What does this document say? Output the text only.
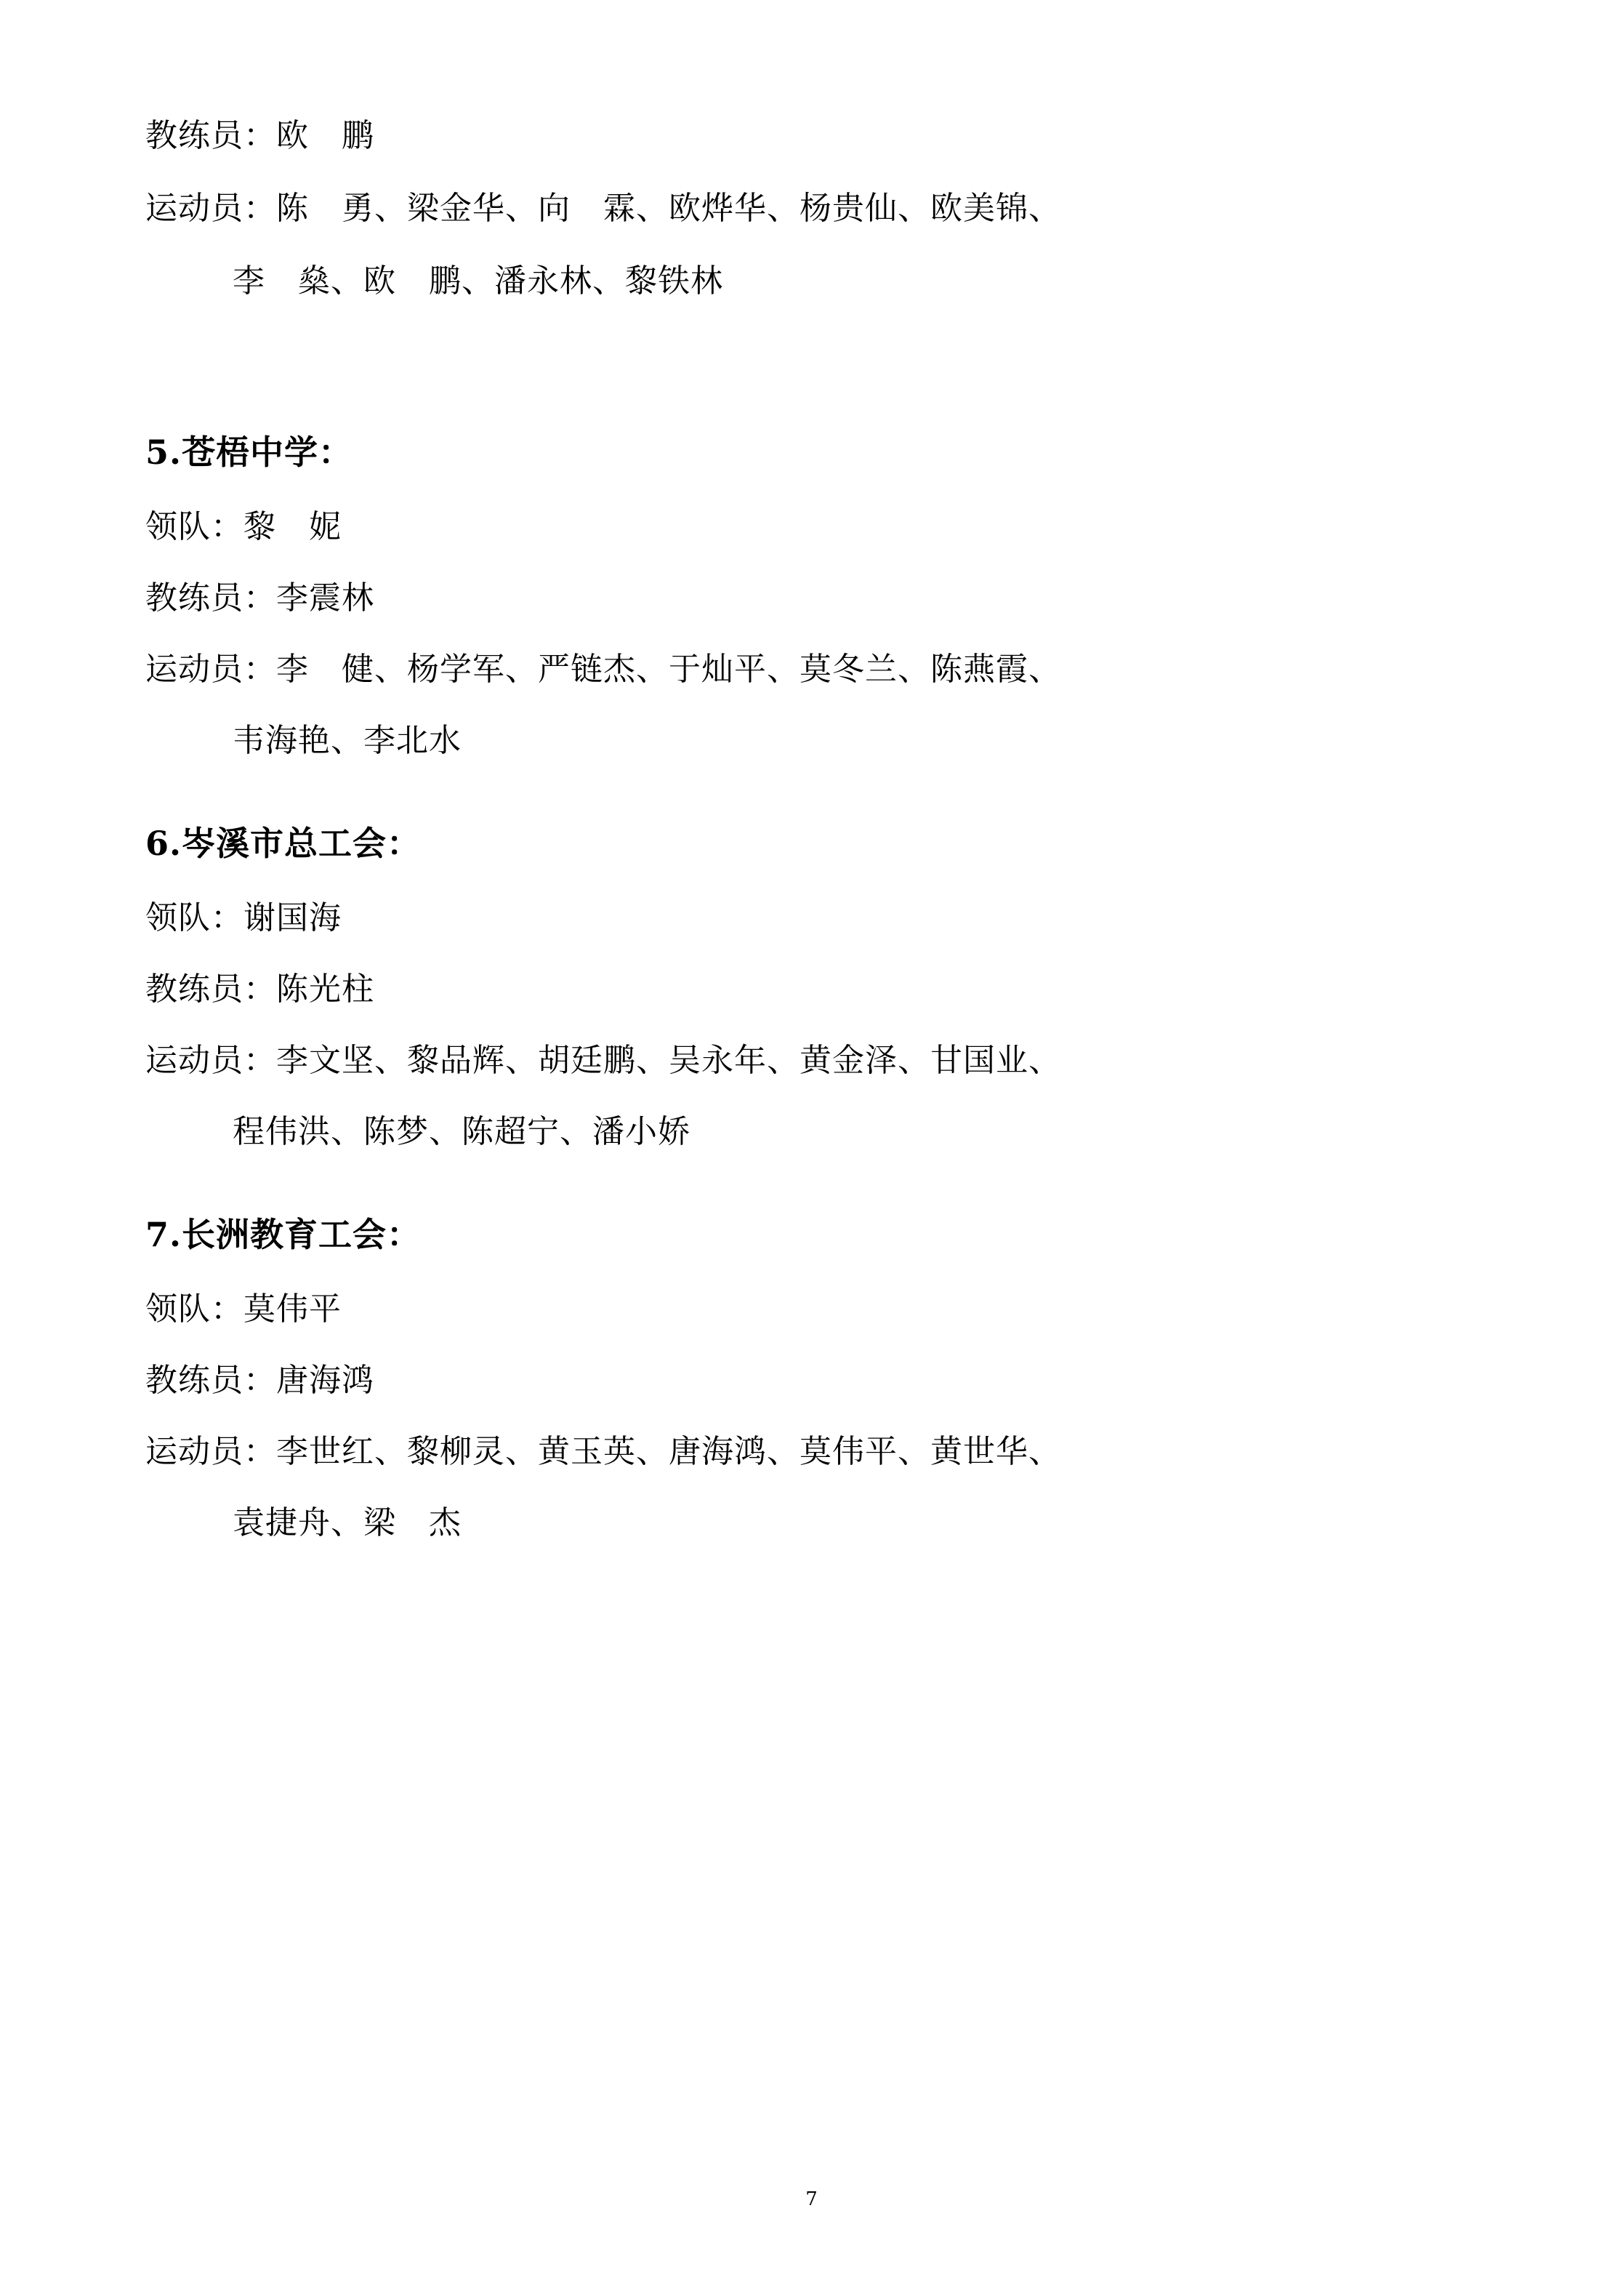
教练员：欧　鹏
运动员：陈　勇、梁金华、向　霖、欧烨华、杨贵仙、欧美锦、
李　燊、欧　鹏、潘永林、黎铁林
5.苍梧中学：
领队：黎　妮
教练员：李震林
运动员：李　健、杨学军、严链杰、于灿平、莫冬兰、陈燕霞、
韦海艳、李北水
6.岑溪市总工会：
领队：谢国海
教练员：陈光柱
运动员：李文坚、黎品辉、胡廷鹏、吴永年、黄金泽、甘国业、
程伟洪、陈梦、陈超宁、潘小娇
7.长洲教育工会：
领队：莫伟平
教练员：唐海鸿
运动员：李世红、黎柳灵、黄玉英、唐海鸿、莫伟平、黄世华、
袁捷舟、梁　杰
7
